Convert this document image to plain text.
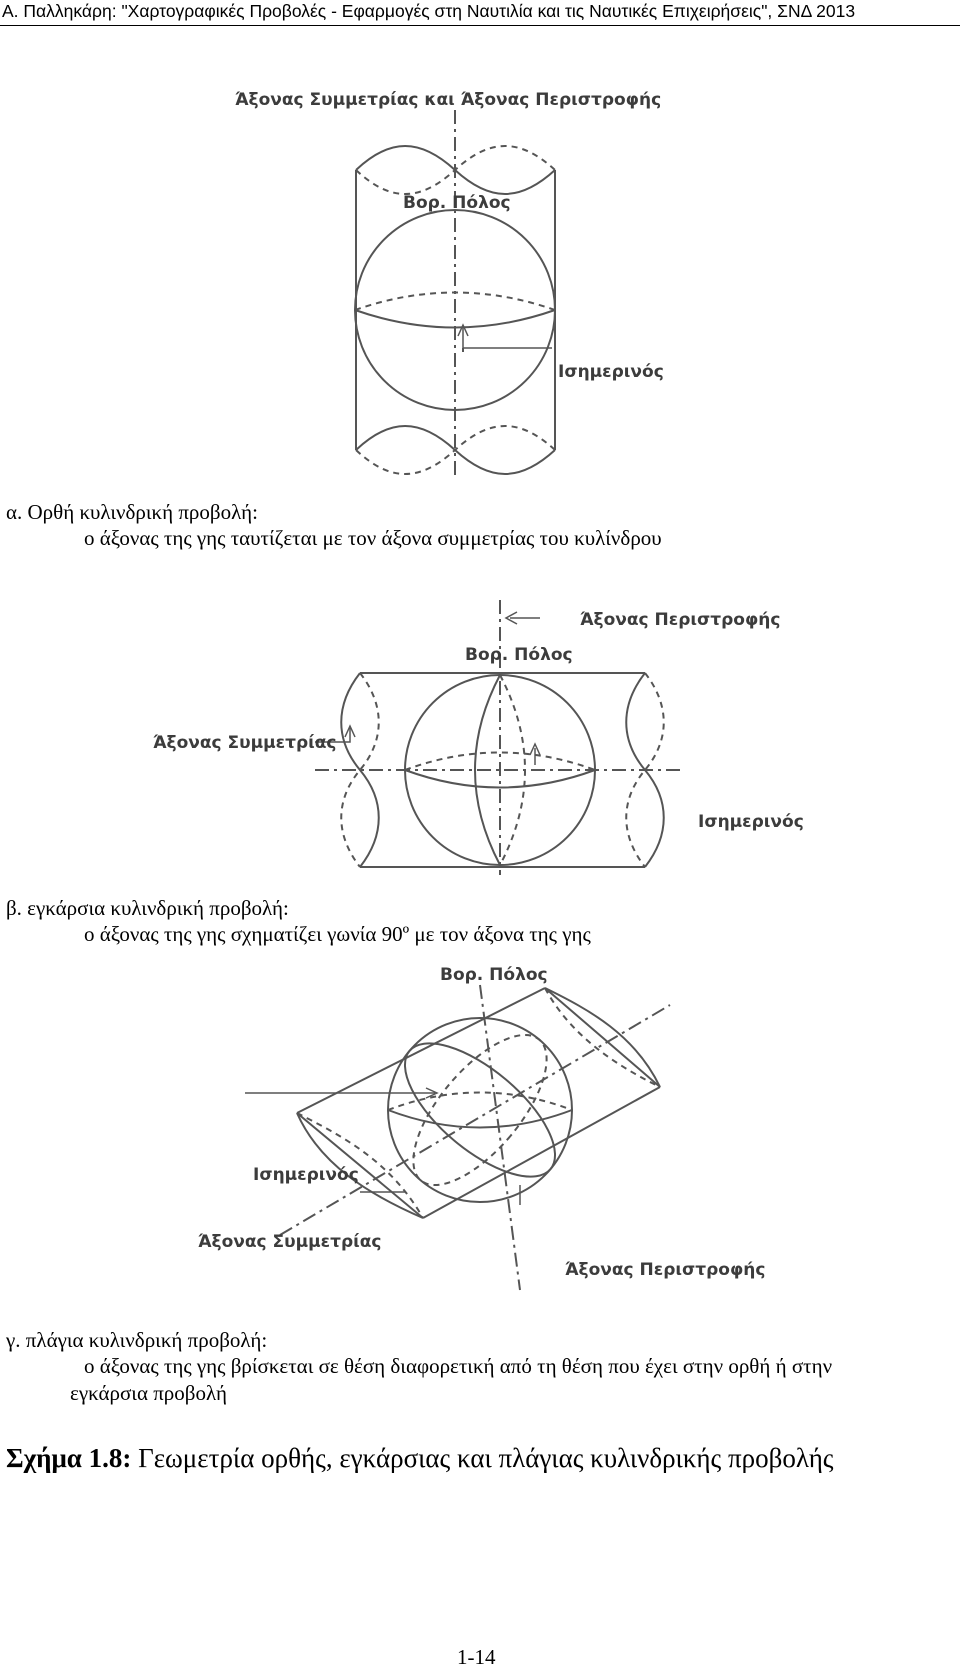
Α. Παλληκάρη: "Χαρτογραφικές Προβολές - Εφαρμογές στη Ναυτιλία και τις Ναυτικές Επιχειρήσεις", ΣΝΔ 2013
Άξονας Συμμετρίας και Άξονας Περιστροφής
Βορ. Πόλος
Ισημερινός
α. Ορθή κυλινδρική προβολή:
ο άξονας της γης ταυτίζεται με τον άξονα συμμετρίας του κυλίνδρου
Άξονας Περιστροφής
Βορ. Πόλος
Άξονας Συμμετρίας
Ισημερινός
β. εγκάρσια κυλινδρική προβολή:
ο άξονας της γης σχηματίζει γωνία 90º με τον άξονα της γης
Βορ. Πόλος
Ισημερινός
Άξονας Συμμετρίας
Άξονας Περιστροφής
γ. πλάγια κυλινδρική προβολή:
ο άξονας της γης βρίσκεται σε θέση διαφορετική από τη θέση που έχει στην ορθή ή στην
εγκάρσια προβολή
Σχήμα 1.8: Γεωμετρία ορθής, εγκάρσιας και πλάγιας κυλινδρικής προβολής
1-14
